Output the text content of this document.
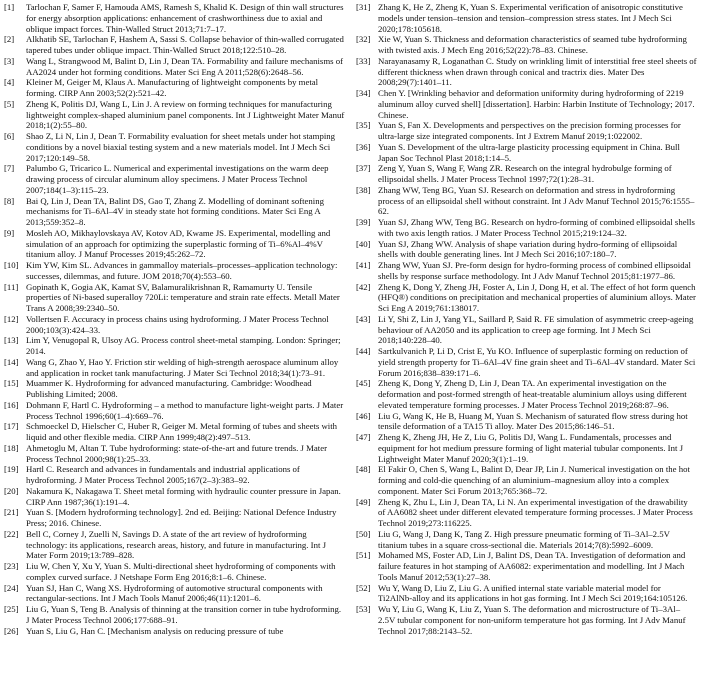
[1]	Tarlochan F, Samer F, Hamouda AMS, Ramesh S, Khalid K. Design of thin wall structures for energy absorption applications: enhancement of crashworthiness due to axial and oblique impact forces. Thin-Walled Struct 2013;71:7–17.
[2]	Alkhatib SE, Tarlochan F, Hashem A, Sassi S. Collapse behavior of thin-walled corrugated tapered tubes under oblique impact. Thin-Walled Struct 2018;122:510–28.
[3]	Wang L, Strangwood M, Balint D, Lin J, Dean TA. Formability and failure mechanisms of AA2024 under hot forming conditions. Mater Sci Eng A 2011;528(6):2648–56.
[4]	Kleiner M, Geiger M, Klaus A. Manufacturing of lightweight components by metal forming. CIRP Ann 2003;52(2):521–42.
[5]	Zheng K, Politis DJ, Wang L, Lin J. A review on forming techniques for manufacturing lightweight complex-shaped aluminium panel components. Int J Lightweight Mater Manuf 2018;1(2):55–80.
[6]	Shao Z, Li N, Lin J, Dean T. Formability evaluation for sheet metals under hot stamping conditions by a novel biaxial testing system and a new materials model. Int J Mech Sci 2017;120:149–58.
[7]	Palumbo G, Tricarico L. Numerical and experimental investigations on the warm deep drawing process of circular aluminum alloy specimens. J Mater Process Technol 2007;184(1–3):115–23.
[8]	Bai Q, Lin J, Dean TA, Balint DS, Gao T, Zhang Z. Modelling of dominant softening mechanisms for Ti–6Al–4V in steady state hot forming conditions. Mater Sci Eng A 2013;559:352–8.
[9]	Mosleh AO, Mikhaylovskaya AV, Kotov AD, Kwame JS. Experimental, modelling and simulation of an approach for optimizing the superplastic forming of Ti–6%Al–4%V titanium alloy. J Manuf Processes 2019;45:262–72.
[10] Kim YW, Kim SL. Advances in gammalloy materials–processes–application technology: successes, dilemmas, and future. JOM 2018;70(4):553–60.
[11] Gopinath K, Gogia AK, Kamat SV, Balamuralikrishnan R, Ramamurty U. Tensile properties of Ni-based superalloy 720Li: temperature and strain rate effects. Metall Mater Trans A 2008;39:2340–50.
[12] Vollertsen F. Accuracy in process chains using hydroforming. J Mater Process Technol 2000;103(3):424–33.
[13] Lim Y, Venugopal R, Ulsoy AG. Process control sheet-metal stamping. London: Springer; 2014.
[14] Wang G, Zhao Y, Hao Y. Friction stir welding of high-strength aerospace aluminum alloy and application in rocket tank manufacturing. J Mater Sci Technol 2018;34(1):73–91.
[15] Muammer K. Hydroforming for advanced manufacturing. Cambridge: Woodhead Publishing Limited; 2008.
[16] Dohmann F, Hartl C. Hydroforming – a method to manufacture light-weight parts. J Mater Process Technol 1996;60(1–4):669–76.
[17] Schmoeckel D, Hielscher C, Huber R, Geiger M. Metal forming of tubes and sheets with liquid and other flexible media. CIRP Ann 1999;48(2):497–513.
[18] Ahmetoglu M, Altan T. Tube hydroforming: state-of-the-art and future trends. J Mater Process Technol 2000;98(1):25–33.
[19] Hartl C. Research and advances in fundamentals and industrial applications of hydroforming. J Mater Process Technol 2005;167(2–3):383–92.
[20] Nakamura K, Nakagawa T. Sheet metal forming with hydraulic counter pressure in Japan. CIRP Ann 1987;36(1):191–4.
[21] Yuan S. [Modern hydroforming technology]. 2nd ed. Beijing: National Defence Industry Press; 2016. Chinese.
[22] Bell C, Corney J, Zuelli N, Savings D. A state of the art review of hydroforming technology: its applications, research areas, history, and future in manufacturing. Int J Mater Form 2019;13:789–828.
[23] Liu W, Chen Y, Xu Y, Yuan S. Multi-directional sheet hydroforming of components with complex curved surface. J Netshape Form Eng 2016;8:1–6. Chinese.
[24] Yuan SJ, Han C, Wang XS. Hydroforming of automotive structural components with rectangular-sections. Int J Mach Tools Manuf 2006;46(11):1201–6.
[25] Liu G, Yuan S, Teng B. Analysis of thinning at the transition corner in tube hydroforming. J Mater Process Technol 2006;177:688–91.
[26] Yuan S, Liu G, Han C. [Mechanism analysis on reducing pressure of tube
[31] Zhang K, He Z, Zheng K, Yuan S. Experimental verification of anisotropic constitutive models under tension–tension and tension–compression stress states. Int J Mech Sci 2020;178:105618.
[32] Xie W, Yuan S. Thickness and deformation characteristics of seamed tube hydroforming with twisted axis. J Mech Eng 2016;52(22):78–83. Chinese.
[33] Narayanasamy R, Loganathan C. Study on wrinkling limit of interstitial free steel sheets of different thickness when drawn through conical and tractrix dies. Mater Des 2008;29(7):1401–11.
[34] Chen Y. [Wrinkling behavior and deformation uniformity during hydroforming of 2219 aluminum alloy curved shell] [dissertation]. Harbin: Harbin Institute of Technology; 2017. Chinese.
[35] Yuan S, Fan X. Developments and perspectives on the precision forming processes for ultra-large size integrated components. Int J Extrem Manuf 2019;1:022002.
[36] Yuan S. Development of the ultra-large plasticity processing equipment in China. Bull Japan Soc Technol Plast 2018;1:14–5.
[37] Zeng Y, Yuan S, Wang F, Wang ZR. Research on the integral hydrobulge forming of ellipsoidal shells. J Mater Process Technol 1997;72(1):28–31.
[38] Zhang WW, Teng BG, Yuan SJ. Research on deformation and stress in hydroforming process of an ellipsoidal shell without constraint. Int J Adv Manuf Technol 2015;76:1555–62.
[39] Yuan SJ, Zhang WW, Teng BG. Research on hydro-forming of combined ellipsoidal shells with two axis length ratios. J Mater Process Technol 2015;219:124–32.
[40] Yuan SJ, Zhang WW. Analysis of shape variation during hydro-forming of ellipsoidal shells with double generating lines. Int J Mech Sci 2016;107:180–7.
[41] Zhang WW, Yuan SJ. Pre-form design for hydro-forming process of combined ellipsoidal shells by response surface methodology. Int J Adv Manuf Technol 2015;81:1977–86.
[42] Zheng K, Dong Y, Zheng JH, Foster A, Lin J, Dong H, et al. The effect of hot form quench (HFQ®) conditions on precipitation and mechanical properties of aluminium alloys. Mater Sci Eng A 2019;761:138017.
[43] Li Y, Shi Z, Lin J, Yang YL, Saillard P, Said R. FE simulation of asymmetric creep-ageing behaviour of AA2050 and its application to creep age forming. Int J Mech Sci 2018;140:228–40.
[44] Sartkulvanich P, Li D, Crist E, Yu KO. Influence of superplastic forming on reduction of yield strength property for Ti–6Al–4V fine grain sheet and Ti–6Al–4V standard. Mater Sci Forum 2016;838–839:171–6.
[45] Zheng K, Dong Y, Zheng D, Lin J, Dean TA. An experimental investigation on the deformation and post-formed strength of heat-treatable aluminium alloys using different elevated temperature forming processes. J Mater Process Technol 2019;268:87–96.
[46] Liu G, Wang K, He B, Huang M, Yuan S. Mechanism of saturated flow stress during hot tensile deformation of a TA15 Ti alloy. Mater Des 2015;86:146–51.
[47] Zheng K, Zheng JH, He Z, Liu G, Politis DJ, Wang L. Fundamentals, processes and equipment for hot medium pressure forming of light material tubular components. Int J Lightweight Mater Manuf 2020;3(1):1–19.
[48] El Fakir O, Chen S, Wang L, Balint D, Dear JP, Lin J. Numerical investigation on the hot forming and cold-die quenching of an aluminium–magnesium alloy into a complex component. Mater Sci Forum 2013;765:368–72.
[49] Zheng K, Zhu L, Lin J, Dean TA, Li N. An experimental investigation of the drawability of AA6082 sheet under different elevated temperature forming processes. J Mater Process Technol 2019;273:116225.
[50] Liu G, Wang J, Dang K, Tang Z. High pressure pneumatic forming of Ti–3Al–2.5V titanium tubes in a square cross-sectional die. Materials 2014;7(8):5992–6009.
[51] Mohamed MS, Foster AD, Lin J, Balint DS, Dean TA. Investigation of deformation and failure features in hot stamping of AA6082: experimentation and modelling. Int J Mach Tools Manuf 2012;53(1):27–38.
[52] Wu Y, Wang D, Liu Z, Liu G. A unified internal state variable material model for Ti2AlNb-alloy and its applications in hot gas forming. Int J Mech Sci 2019;164:105126.
[53] Wu Y, Liu G, Wang K, Liu Z, Yuan S. The deformation and microstructure of Ti–3Al–2.5V tubular component for non-uniform temperature hot gas forming. Int J Adv Manuf Technol 2017;88:2143–52.
